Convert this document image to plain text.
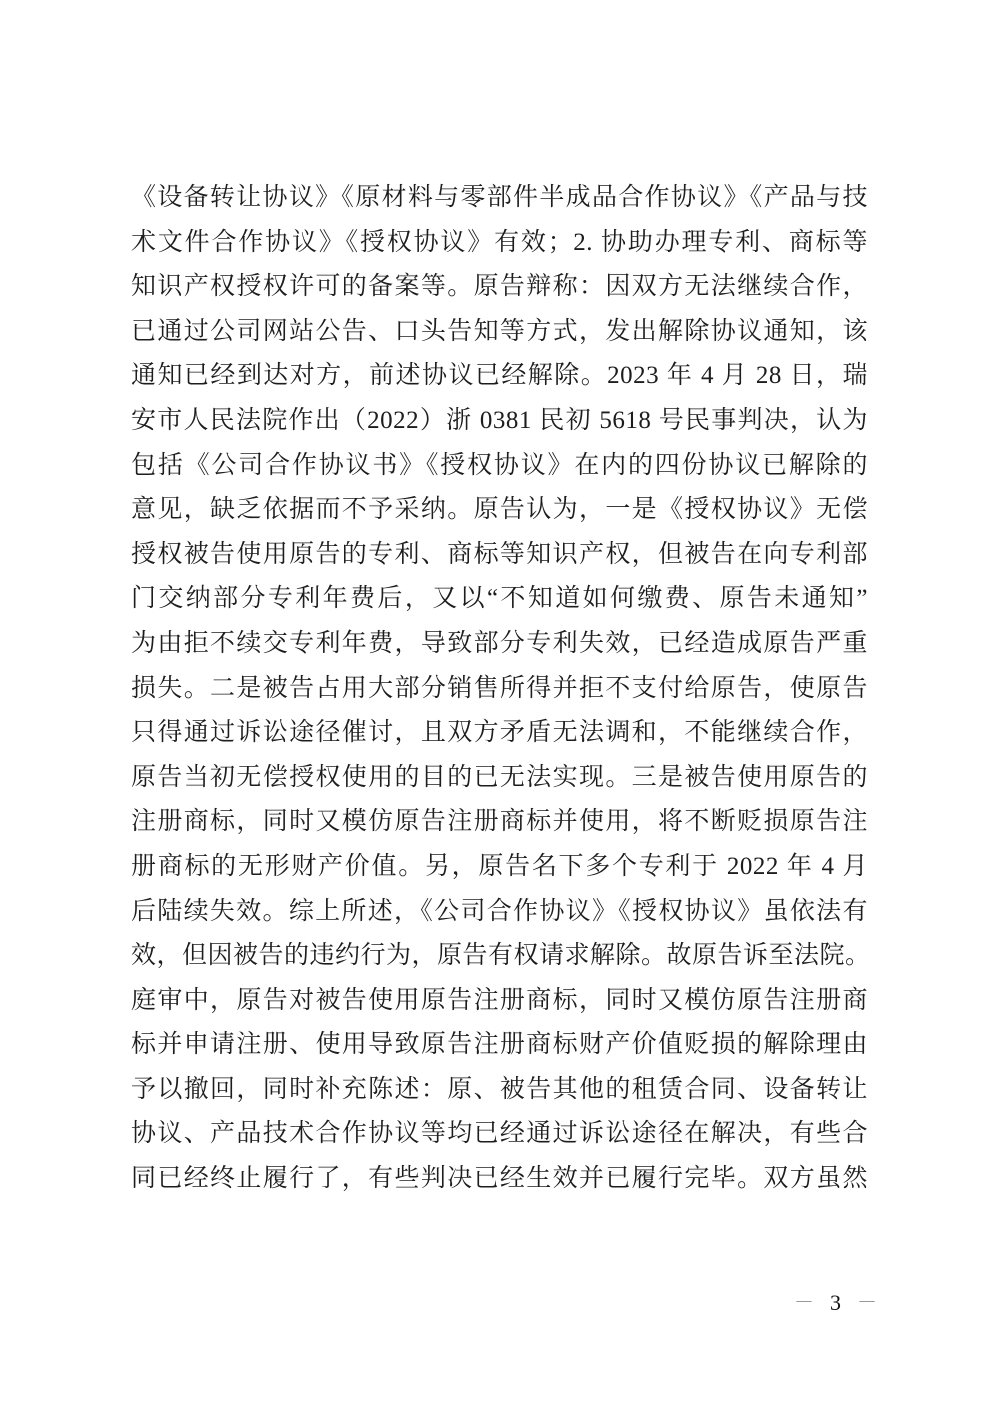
《设备转让协议》《原材料与零部件半成品合作协议》《产品与技
术文件合作协议》《授权协议》有效；2. 协助办理专利、商标等
知识产权授权许可的备案等。原告辩称：因双方无法继续合作，
已通过公司网站公告、口头告知等方式，发出解除协议通知，该
通知已经到达对方，前述协议已经解除。2023 年 4 月 28 日，瑞
安市人民法院作出（2022）浙 0381 民初 5618 号民事判决，认为
包括《公司合作协议书》《授权协议》在内的四份协议已解除的
意见，缺乏依据而不予采纳。原告认为，一是《授权协议》无偿
授权被告使用原告的专利、商标等知识产权，但被告在向专利部
门交纳部分专利年费后，又以“不知道如何缴费、原告未通知”
为由拒不续交专利年费，导致部分专利失效，已经造成原告严重
损失。二是被告占用大部分销售所得并拒不支付给原告，使原告
只得通过诉讼途径催讨，且双方矛盾无法调和，不能继续合作，
原告当初无偿授权使用的目的已无法实现。三是被告使用原告的
注册商标，同时又模仿原告注册商标并使用，将不断贬损原告注
册商标的无形财产价值。另，原告名下多个专利于 2022 年 4 月
后陆续失效。综上所述，《公司合作协议》《授权协议》虽依法有
效，但因被告的违约行为，原告有权请求解除。故原告诉至法院。
庭审中，原告对被告使用原告注册商标，同时又模仿原告注册商
标并申请注册、使用导致原告注册商标财产价值贬损的解除理由
予以撤回，同时补充陈述：原、被告其他的租赁合同、设备转让
协议、产品技术合作协议等均已经通过诉讼途径在解决，有些合
同已经终止履行了，有些判决已经生效并已履行完毕。双方虽然
－ 3 －
